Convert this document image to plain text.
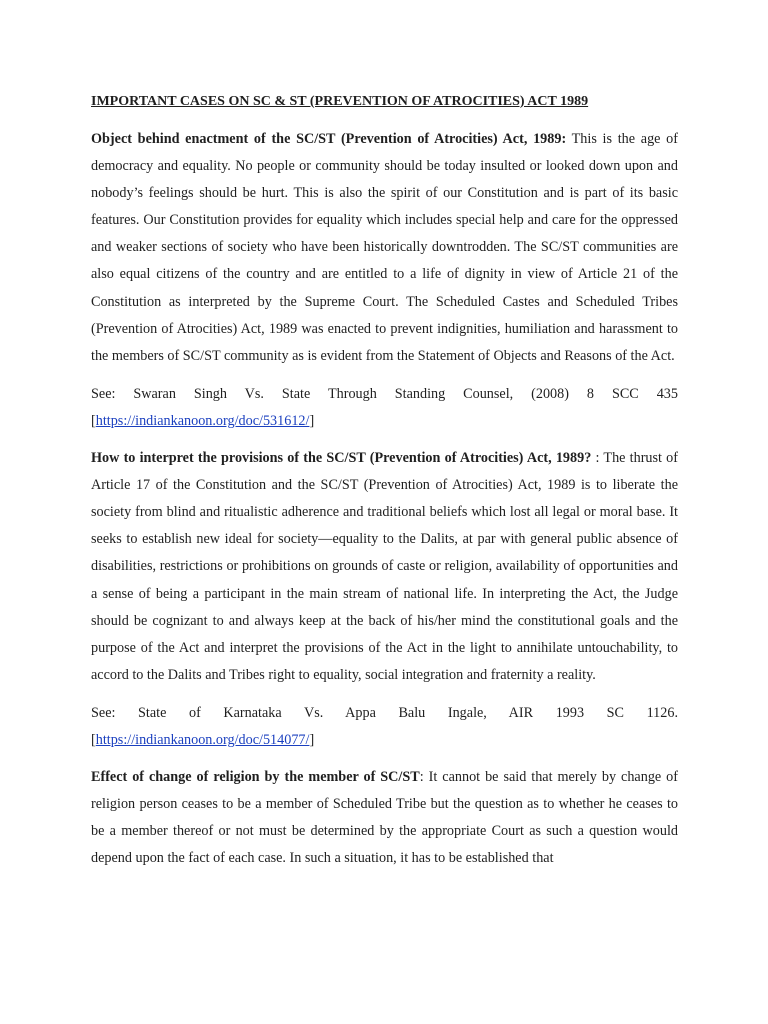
IMPORTANT CASES ON SC & ST (PREVENTION OF ATROCITIES) ACT 1989

Object behind enactment of the SC/ST (Prevention of Atrocities) Act, 1989: This is the age of democracy and equality. No people or community should be today insulted or looked down upon and nobody’s feelings should be hurt. This is also the spirit of our Constitution and is part of its basic features. Our Constitution provides for equality which includes special help and care for the oppressed and weaker sections of society who have been historically downtrodden. The SC/ST communities are also equal citizens of the country and are entitled to a life of dignity in view of Article 21 of the Constitution as interpreted by the Supreme Court. The Scheduled Castes and Scheduled Tribes (Prevention of Atrocities) Act, 1989 was enacted to prevent indignities, humiliation and harassment to the members of SC/ST community as is evident from the Statement of Objects and Reasons of the Act.

See: Swaran Singh Vs. State Through Standing Counsel, (2008) 8 SCC 435 [https://indiankanoon.org/doc/531612/]

How to interpret the provisions of the SC/ST (Prevention of Atrocities) Act, 1989? : The thrust of Article 17 of the Constitution and the SC/ST (Prevention of Atrocities) Act, 1989 is to liberate the society from blind and ritualistic adherence and traditional beliefs which lost all legal or moral base. It seeks to establish new ideal for society—equality to the Dalits, at par with general public absence of disabilities, restrictions or prohibitions on grounds of caste or religion, availability of opportunities and a sense of being a participant in the main stream of national life. In interpreting the Act, the Judge should be cognizant to and always keep at the back of his/her mind the constitutional goals and the purpose of the Act and interpret the provisions of the Act in the light to annihilate untouchability, to accord to the Dalits and Tribes right to equality, social integration and fraternity a reality.

See: State of Karnataka Vs. Appa Balu Ingale, AIR 1993 SC 1126. [https://indiankanoon.org/doc/514077/]

Effect of change of religion by the member of SC/ST: It cannot be said that merely by change of religion person ceases to be a member of Scheduled Tribe but the question as to whether he ceases to be a member thereof or not must be determined by the appropriate Court as such a question would depend upon the fact of each case. In such a situation, it has to be established that
